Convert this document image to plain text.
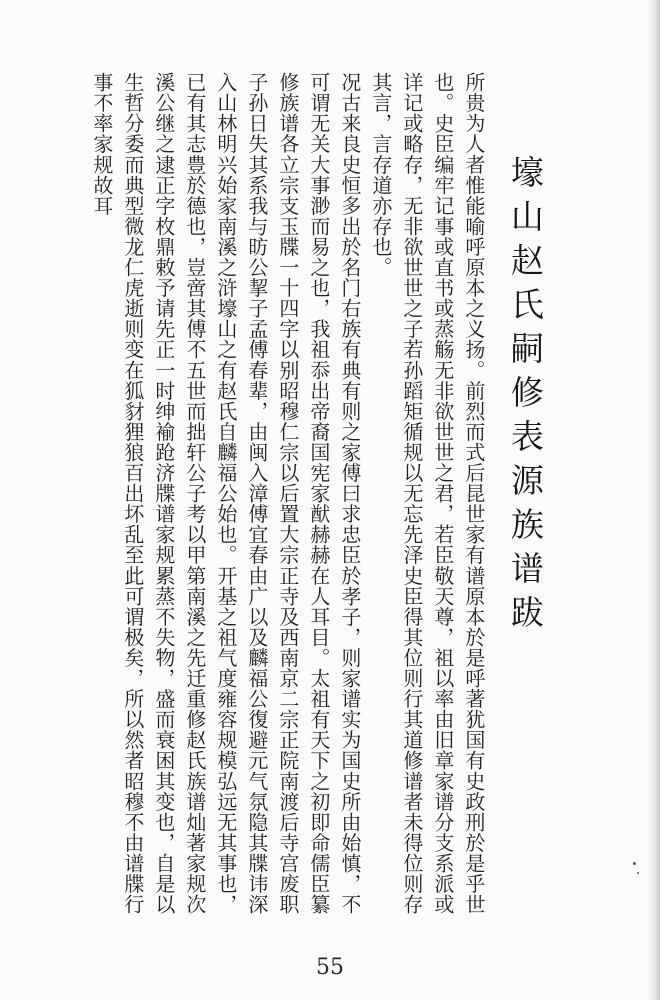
壕山赵氏嗣修表源族谱跋

所贵为人者惟能喻呼原本之义扬。前烈而式后昆世家有谱原本於是呼著犹国有史政刑於是乎世也。史臣编牢记事或直书或蒸觞无非欲世世之君，若臣敬天尊，祖以率由旧章家谱分支系派或详记或略存，无非欲世世之子若孙蹈矩循规以无忘先泽史臣得其位则行其道修谱者未得位则存其言，言存道亦存也。

况古来良史恒多出於名门右族有典有则之家傅曰求忠臣於孝子，则家谱实为国史所由始慎，不可谓无关大事渺而易之也，我祖忝出帝裔国宪家猷赫赫在人耳目。太祖有天下之初即命儒臣纂修族谱各立宗支玉牒一十四字以别昭穆仁宗以后置大宗正寺及西南京二宗正院南渡后寺宫废职子孙日失其系我与昉公挈子孟傅春辈，由闽入漳傅宜春由广以及麟福公復避元气氛隐其牒讳深入山林明兴始家南溪之浒壕山之有赵氏自麟福公始也。开基之祖气度雍容规模弘远无其事也，已有其志豊於德也，豈啻其傅不五世而拙轩公子考以甲第南溪之先迁重修赵氏族谱灿著家规次溪公继之逮正字枚鼎敕予请先正一时绅褕跄济牒谱家规累蒸不失物，盛而衰困其变也，自是以生哲分委而典型微龙仁虎逝则变在狐豺狸狼百出坏乱至此可谓极矣，所以然者昭穆不由谱牒行事不率家规故耳

55
